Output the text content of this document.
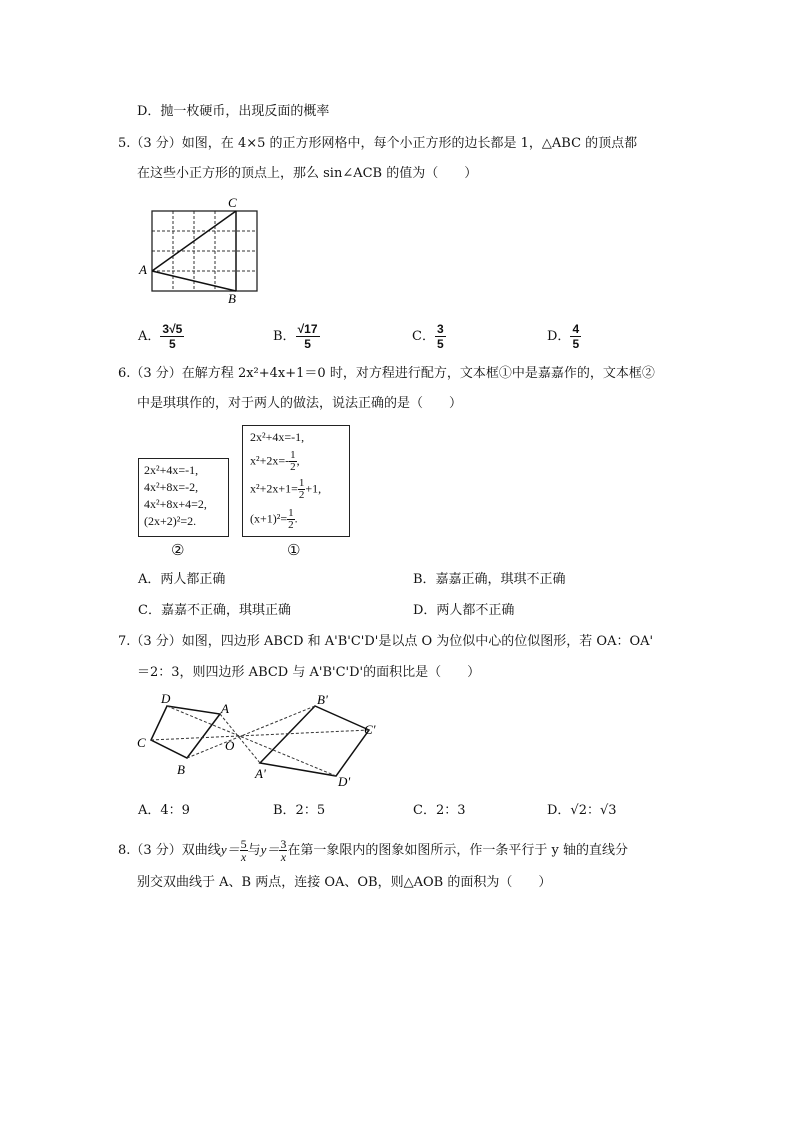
D．抛一枚硬币，出现反面的概率
5.（3 分）如图，在 4×5 的正方形网格中，每个小正方形的边长都是 1，△ABC 的顶点都
在这些小正方形的顶点上，那么 sin∠ACB 的值为（　　）
C
A
B
A． $\frac{3√5}{5}$	B． $\frac{√17}{5}$	C． $\frac{3}{5}$	D． $\frac{4}{5}$
6.（3 分）在解方程 2x²+4x+1＝0 时，对方程进行配方，文本框①中是嘉嘉作的，文本框②
中是琪琪作的，对于两人的做法，说法正确的是（　　）
2x²+4x=-1,
4x²+8x=-2,
4x²+8x+4=2,
(2x+2)²=2.
②
2x²+4x=-1,
$x^2+2x=- \frac{1}{2}$ ,
$x^2+2x+1= \frac{1}{2} +1$,
$(x+1)^2= \frac{1}{2}$ .
①
A．两人都正确	B．嘉嘉正确，琪琪不正确
C．嘉嘉不正确，琪琪正确	D．两人都不正确
7.（3 分）如图，四边形 ABCD 和 A'B'C'D'是以点 O 为位似中心的位似图形，若 OA：OA'
＝2：3，则四边形 ABCD 与 A'B'C'D'的面积比是（　　）
D
A
C
B
O
B'
C'
A'
D'
A．4：9	B．2：5	C．2：3	D．√2：√3
8.（3 分）双曲线$y= \frac{5}{x}$ 与$y= \frac{3}{x}$ 在第一象限内的图象如图所示，作一条平行于 y 轴的直线分
别交双曲线于 A、B 两点，连接 OA、OB，则△AOB 的面积为（　　）
